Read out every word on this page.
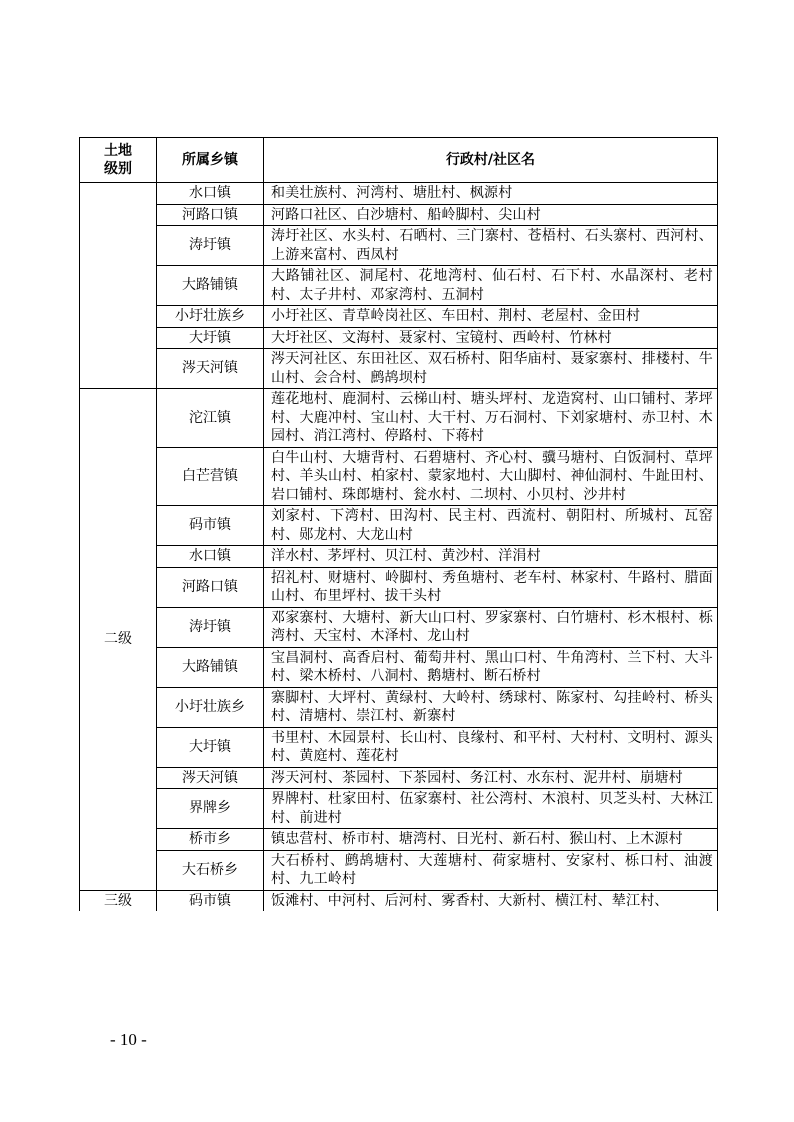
土地
级别	所属乡镇	行政村/社区名
	水口镇	和美壮族村、河湾村、塘肚村、枫源村
	河路口镇	河路口社区、白沙塘村、船岭脚村、尖山村
	涛圩镇	涛圩社区、水头村、石晒村、三门寨村、苍梧村、石头寨村、西河村、上游来富村、西凤村
	大路铺镇	大路铺社区、洞尾村、花地湾村、仙石村、石下村、水晶深村、老村村、太子井村、邓家湾村、五洞村
	小圩壮族乡	小圩社区、青草岭岗社区、车田村、荆村、老屋村、金田村
	大圩镇	大圩社区、文海村、聂家村、宝镜村、西岭村、竹林村
	涔天河镇	涔天河社区、东田社区、双石桥村、阳华庙村、聂家寨村、排楼村、牛山村、会合村、鹧鸪坝村
二级	沱江镇	莲花地村、鹿洞村、云梯山村、塘头坪村、龙造窝村、山口铺村、茅坪村、大鹿冲村、宝山村、大干村、万石洞村、下刘家塘村、赤卫村、木园村、消江湾村、停路村、下蒋村
	白芒营镇	白牛山村、大塘背村、石碧塘村、齐心村、骥马塘村、白饭洞村、草坪村、羊头山村、柏家村、蒙家地村、大山脚村、神仙洞村、牛趾田村、岩口铺村、珠郎塘村、瓮水村、二坝村、小贝村、沙井村
	码市镇	刘家村、下湾村、田沟村、民主村、西流村、朝阳村、所城村、瓦窑村、郧龙村、大龙山村
	水口镇	洋水村、茅坪村、贝江村、黄沙村、洋涓村
	河路口镇	招礼村、财塘村、岭脚村、秀鱼塘村、老车村、林家村、牛路村、腊面山村、布里坪村、拔干头村
	涛圩镇	邓家寨村、大塘村、新大山口村、罗家寨村、白竹塘村、杉木根村、栎湾村、天宝村、木泽村、龙山村
	大路铺镇	宝昌洞村、高香启村、葡萄井村、黑山口村、牛角湾村、兰下村、大斗村、梁木桥村、八洞村、鹅塘村、断石桥村
	小圩壮族乡	寨脚村、大坪村、黄绿村、大岭村、绣球村、陈家村、勾挂岭村、桥头村、清塘村、崇江村、新寨村
	大圩镇	书里村、木园景村、长山村、良缘村、和平村、大村村、文明村、源头村、黄庭村、莲花村
	涔天河镇	涔天河村、茶园村、下茶园村、务江村、水东村、泥井村、崩塘村
	界牌乡	界牌村、杜家田村、伍家寨村、社公湾村、木浪村、贝芝头村、大林江村、前进村
	桥市乡	镇忠营村、桥市村、塘湾村、日光村、新石村、猴山村、上木源村
	大石桥乡	大石桥村、鹧鸪塘村、大莲塘村、荷家塘村、安家村、栎口村、油渡村、九工岭村
三级	码市镇	饭滩村、中河村、后河村、雾香村、大新村、横江村、辇江村、
- 10 -
